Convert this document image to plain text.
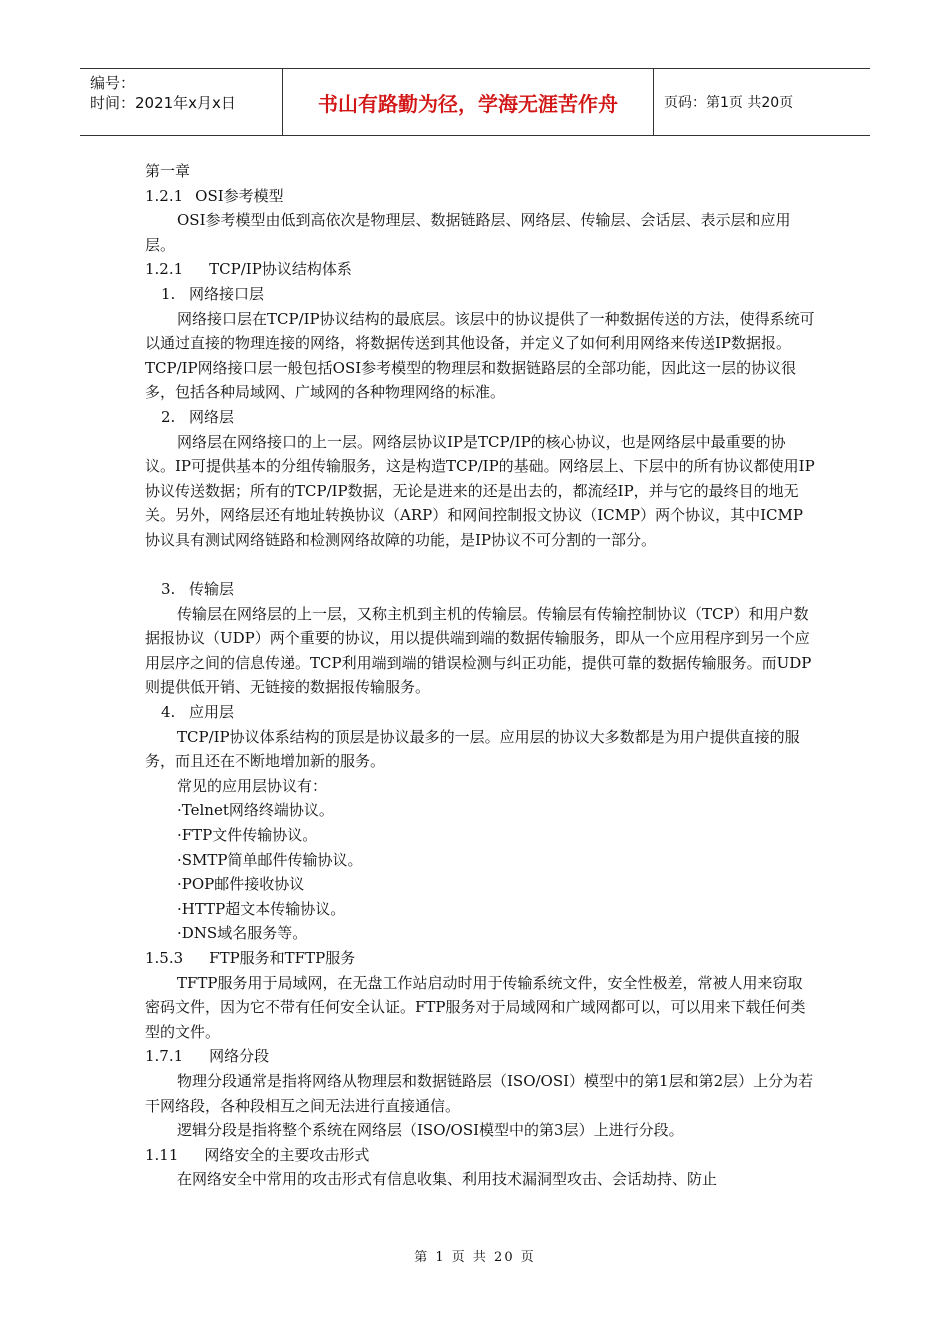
编号：
时间：2021年x月x日	书山有路勤为径，学海无涯苦作舟	页码：第1页 共20页

第一章

1.2.1 OSI参考模型

OSI参考模型由低到高依次是物理层、数据链路层、网络层、传输层、会话层、表示层和应用层。

1.2.1 TCP/IP协议结构体系

1. 网络接口层

网络接口层在TCP/IP协议结构的最底层。该层中的协议提供了一种数据传送的方法，使得系统可以通过直接的物理连接的网络，将数据传送到其他设备，并定义了如何利用网络来传送IP数据报。TCP/IP网络接口层一般包括OSI参考模型的物理层和数据链路层的全部功能，因此这一层的协议很多，包括各种局域网、广域网的各种物理网络的标准。

2. 网络层

网络层在网络接口的上一层。网络层协议IP是TCP/IP的核心协议，也是网络层中最重要的协议。IP可提供基本的分组传输服务，这是构造TCP/IP的基础。网络层上、下层中的所有协议都使用IP协议传送数据；所有的TCP/IP数据，无论是进来的还是出去的，都流经IP，并与它的最终目的地无关。另外，网络层还有地址转换协议（ARP）和网间控制报文协议（ICMP）两个协议，其中ICMP协议具有测试网络链路和检测网络故障的功能，是IP协议不可分割的一部分。

3. 传输层

传输层在网络层的上一层，又称主机到主机的传输层。传输层有传输控制协议（TCP）和用户数据报协议（UDP）两个重要的协议，用以提供端到端的数据传输服务，即从一个应用程序到另一个应用层序之间的信息传递。TCP利用端到端的错误检测与纠正功能，提供可靠的数据传输服务。而UDP则提供低开销、无链接的数据报传输服务。

4. 应用层

TCP/IP协议体系结构的顶层是协议最多的一层。应用层的协议大多数都是为用户提供直接的服务，而且还在不断地增加新的服务。

常见的应用层协议有：

·Telnet网络终端协议。

·FTP文件传输协议。

·SMTP简单邮件传输协议。

·POP邮件接收协议

·HTTP超文本传输协议。

·DNS域名服务等。

1.5.3 FTP服务和TFTP服务

TFTP服务用于局域网，在无盘工作站启动时用于传输系统文件，安全性极差，常被人用来窃取密码文件，因为它不带有任何安全认证。FTP服务对于局域网和广域网都可以，可以用来下载任何类型的文件。

1.7.1 网络分段

物理分段通常是指将网络从物理层和数据链路层（ISO/OSI）模型中的第1层和第2层）上分为若干网络段，各种段相互之间无法进行直接通信。

逻辑分段是指将整个系统在网络层（ISO/OSI模型中的第3层）上进行分段。

1.11 网络安全的主要攻击形式

在网络安全中常用的攻击形式有信息收集、利用技术漏洞型攻击、会话劫持、防止

第 1 页 共 20 页
